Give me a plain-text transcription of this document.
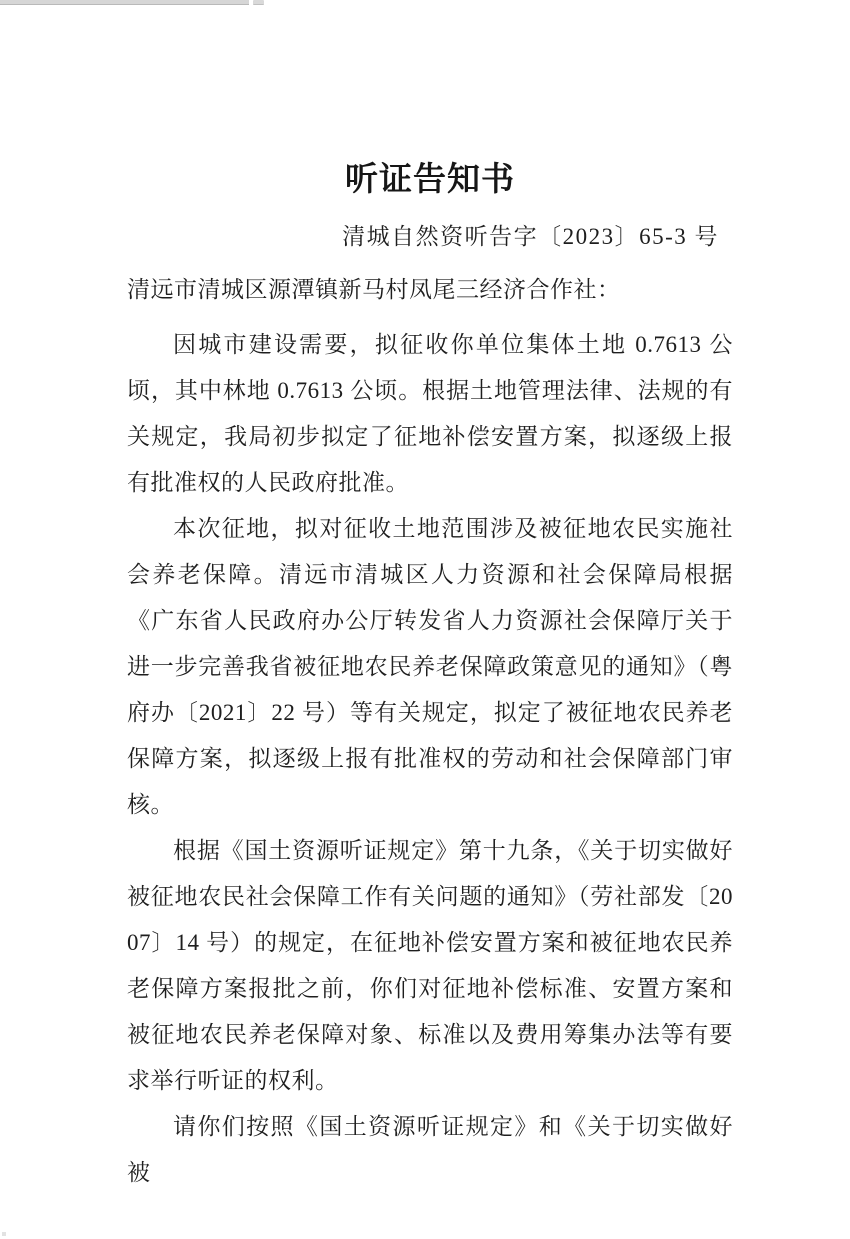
听证告知书
清城自然资听告字〔2023〕65-3 号
清远市清城区源潭镇新马村凤尾三经济合作社：

因城市建设需要，拟征收你单位集体土地 0.7613 公顷，其中林地 0.7613 公顷。根据土地管理法律、法规的有关规定，我局初步拟定了征地补偿安置方案，拟逐级上报有批准权的人民政府批准。

本次征地，拟对征收土地范围涉及被征地农民实施社会养老保障。清远市清城区人力资源和社会保障局根据《广东省人民政府办公厅转发省人力资源社会保障厅关于进一步完善我省被征地农民养老保障政策意见的通知》（粤府办〔2021〕22 号）等有关规定，拟定了被征地农民养老保障方案，拟逐级上报有批准权的劳动和社会保障部门审核。

根据《国土资源听证规定》第十九条，《关于切实做好被征地农民社会保障工作有关问题的通知》（劳社部发〔2007〕14 号）的规定，在征地补偿安置方案和被征地农民养老保障方案报批之前，你们对征地补偿标准、安置方案和被征地农民养老保障对象、标准以及费用筹集办法等有要求举行听证的权利。

请你们按照《国土资源听证规定》和《关于切实做好被
